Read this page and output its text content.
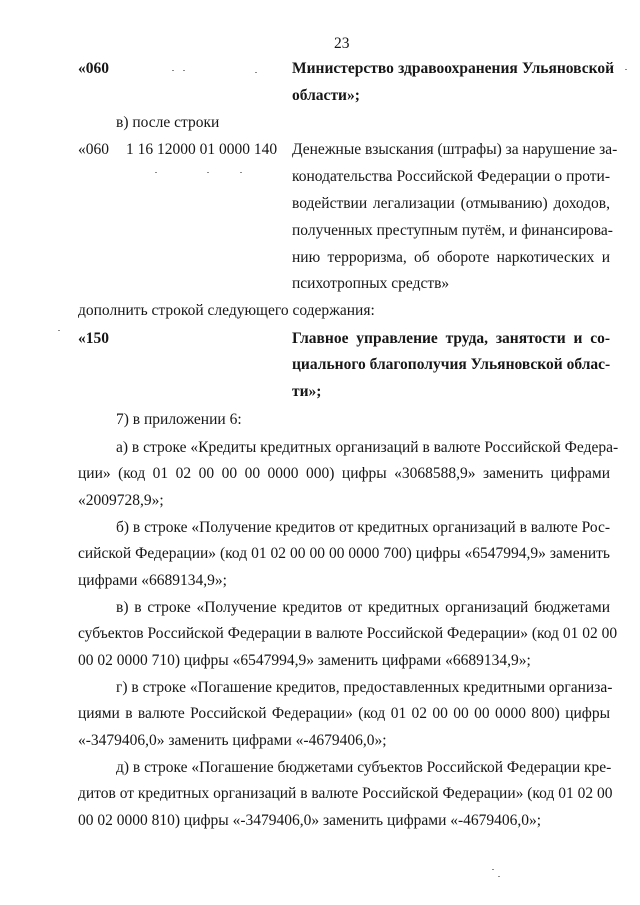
23
«060	Министерство здравоохранения Ульяновской
области»;
в) после строки
«060 1 16 12000 01 0000 140 Денежные взыскания (штрафы) за нарушение за-
конодательства Российской Федерации о проти-
водействии легализации (отмыванию) доходов,
полученных преступным путём, и финансирова-
нию терроризма, об обороте наркотических и
психотропных средств»
дополнить строкой следующего содержания:
«150	Главное управление труда, занятости и со-
циального благополучия Ульяновской облас-
ти»;
7) в приложении 6:
а) в строке «Кредиты кредитных организаций в валюте Российской Федера-
ции» (код 01 02 00 00 00 0000 000) цифры «3068588,9» заменить цифрами
«2009728,9»;
б) в строке «Получение кредитов от кредитных организаций в валюте Рос-
сийской Федерации» (код 01 02 00 00 00 0000 700) цифры «6547994,9» заменить
цифрами «6689134,9»;
в) в строке «Получение кредитов от кредитных организаций бюджетами
субъектов Российской Федерации в валюте Российской Федерации» (код 01 02 00
00 02 0000 710) цифры «6547994,9» заменить цифрами «6689134,9»;
г) в строке «Погашение кредитов, предоставленных кредитными организа-
циями в валюте Российской Федерации» (код 01 02 00 00 00 0000 800) цифры
«-3479406,0» заменить цифрами «-4679406,0»;
д) в строке «Погашение бюджетами субъектов Российской Федерации кре-
дитов от кредитных организаций в валюте Российской Федерации» (код 01 02 00
00 02 0000 810) цифры «-3479406,0» заменить цифрами «-4679406,0»;
